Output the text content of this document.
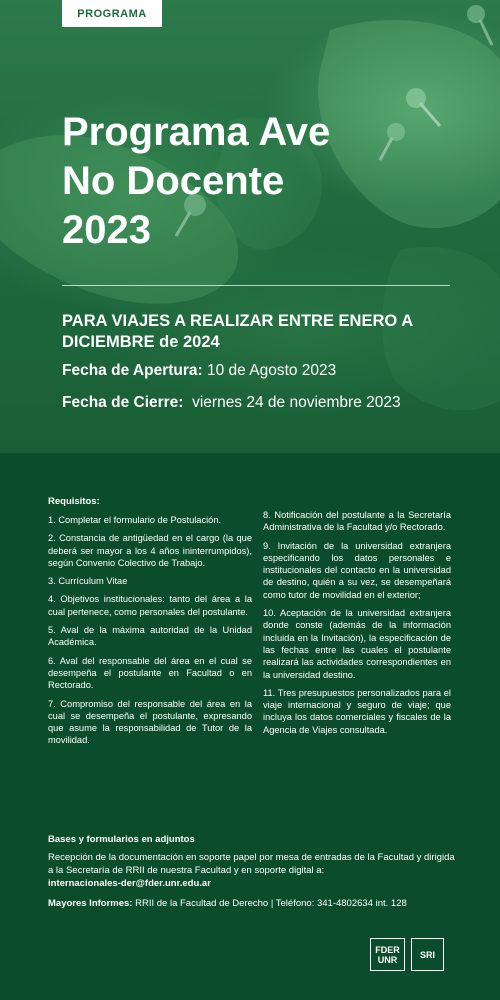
PROGRAMA
Programa Ave
No Docente
2023

PARA VIAJES A REALIZAR ENTRE ENERO A DICIEMBRE de 2024

Fecha de Apertura: 10 de Agosto 2023
Fecha de Cierre: viernes 24 de noviembre 2023
Requisitos:

1. Completar el formulario de Postulación.

2. Constancia de antigüedad en el cargo (la que deberá ser mayor a los 4 años ininterrumpidos), según Convenio Colectivo de Trabajo.

3. Currículum Vitae

4. Objetivos institucionales: tanto del área a la cual pertenece, como personales del postulante.

5. Aval de la máxima autoridad de la Unidad Académica.

6. Aval del responsable del área en el cual se desempeña el postulante en Facultad o en Rectorado.

7. Compromiso del responsable del área en la cual se desempeña el postulante, expresando que asume la responsabilidad de Tutor de la movilidad.

8. Notificación del postulante a la Secretaría Administrativa de la Facultad y/o Rectorado.

9. Invitación de la universidad extranjera especificando los datos personales e institucionales del contacto en la universidad de destino, quién a su vez, se desempeñará como tutor de movilidad en el exterior;

10. Aceptación de la universidad extranjera donde conste (además de la información incluida en la Invitación), la especificación de las fechas entre las cuales el postulante realizará las actividades correspondientes en la universidad destino.

11. Tres presupuestos personalizados para el viaje internacional y seguro de viaje; que incluya los datos comerciales y fiscales de la Agencia de Viajes consultada.

Bases y formularios en adjuntos
Recepción de la documentación en soporte papel por mesa de entradas de la Facultad y dirigida a la Secretaría de RRII de nuestra Facultad y en soporte digital a:
internacionales-der@fder.unr.edu.ar
Mayores Informes: RRII de la Facultad de Derecho | Teléfono: 341-4802634 int. 128
FDER
UNR	SRI
